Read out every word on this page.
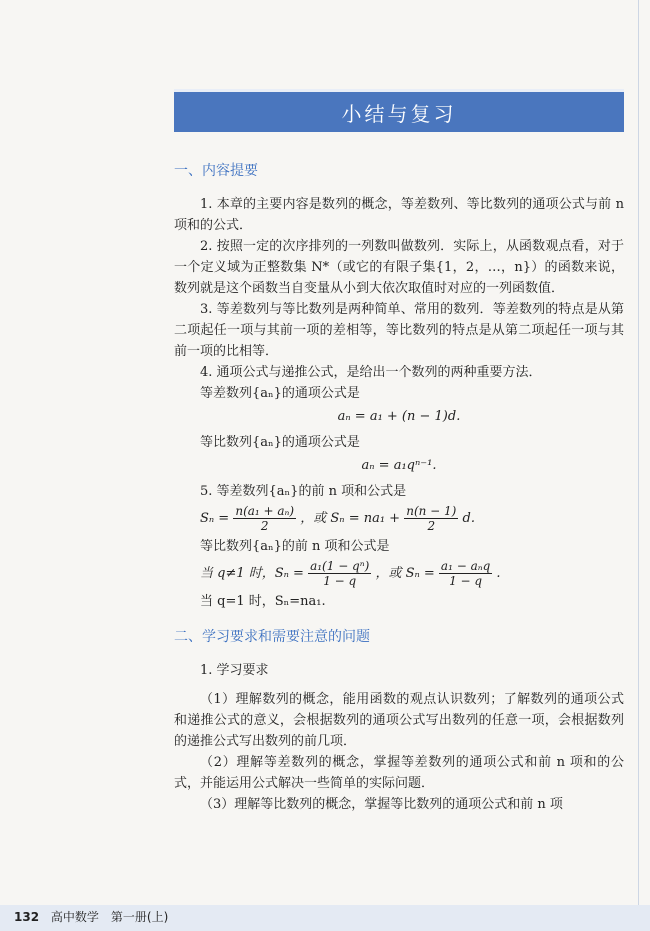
小结与复习
一、内容提要

1. 本章的主要内容是数列的概念，等差数列、等比数列的通项公式与前 n 项和的公式．

2. 按照一定的次序排列的一列数叫做数列．实际上，从函数观点看，对于一个定义域为正整数集 N*（或它的有限子集{1，2，…，n}）的函数来说，数列就是这个函数当自变量从小到大依次取值时对应的一列函数值．

3. 等差数列与等比数列是两种简单、常用的数列．等差数列的特点是从第二项起任一项与其前一项的差相等，等比数列的特点是从第二项起任一项与其前一项的比相等．

4. 通项公式与递推公式，是给出一个数列的两种重要方法．

等差数列{aₙ}的通项公式是

aₙ = a₁ + (n − 1)d.

等比数列{aₙ}的通项公式是

aₙ = a₁qⁿ⁻¹.

5. 等差数列{aₙ}的前 n 项和公式是

$S_n = \frac{\text{n(a₁ + aₙ)}}{2}$ ，或 $S_n = na_1 + \frac{n(n - 1)}{2} d$.

等比数列{aₙ}的前 n 项和公式是

当 q≠1 时，$S_n = \frac{\text{a₁(1 − qⁿ)}}{1 - q}$ ，或 $S_n = \frac{\text{a₁ − aₙq}}{1 - q}$ .

当 q=1 时，Sₙ=na₁.

二、学习要求和需要注意的问题

1. 学习要求

（1）理解数列的概念，能用函数的观点认识数列；了解数列的通项公式和递推公式的意义，会根据数列的通项公式写出数列的任意一项，会根据数列的递推公式写出数列的前几项．

（2）理解等差数列的概念，掌握等差数列的通项公式和前 n 项和的公式，并能运用公式解决一些简单的实际问题．

（3）理解等比数列的概念，掌握等比数列的通项公式和前 n 项

132 高中数学　第一册(上)
